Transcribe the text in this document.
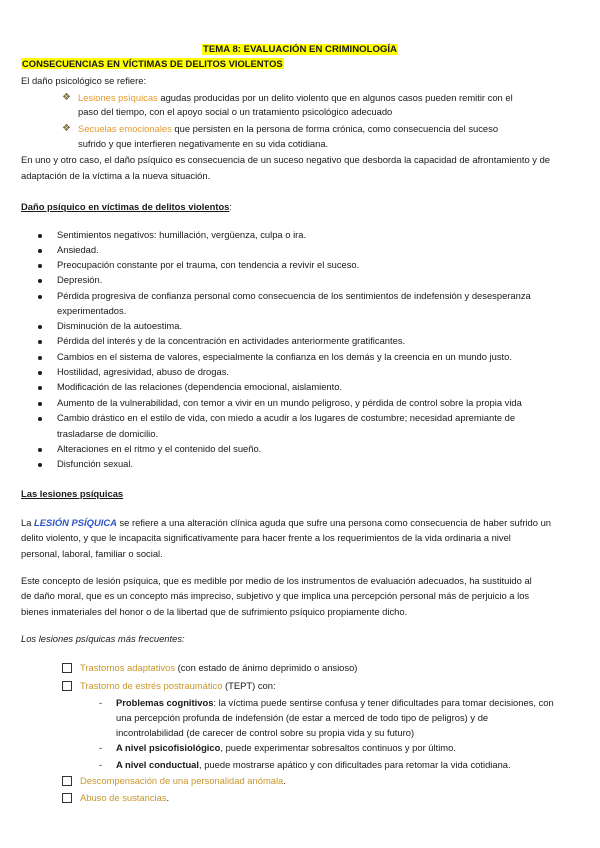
TEMA 8: EVALUACIÓN EN CRIMINOLOGÍA
CONSECUENCIAS EN VÍCTIMAS DE DELITOS VIOLENTOS
El daño psicológico se refiere:
❖ Lesiones psíquicas agudas producidas por un delito violento que en algunos casos pueden remitir con el
paso del tiempo, con el apoyo social o un tratamiento psicológico adecuado
❖ Secuelas emocionales que persisten en la persona de forma crónica, como consecuencia del suceso
sufrido y que interfieren negativamente en su vida cotidiana.
En uno y otro caso, el daño psíquico es consecuencia de un suceso negativo que desborda la capacidad de afrontamiento y de
adaptación de la víctima a la nueva situación.
Daño psíquico en víctimas de delitos violentos:
Sentimientos negativos: humillación, vergüenza, culpa o ira.
Ansiedad.
Preocupación constante por el trauma, con tendencia a revivir el suceso.
Depresión.
Pérdida progresiva de confianza personal como consecuencia de los sentimientos de indefensión y desesperanza
experimentados.
Disminución de la autoestima.
Pérdida del interés y de la concentración en actividades anteriormente gratificantes.
Cambios en el sistema de valores, especialmente la confianza en los demás y la creencia en un mundo justo.
Hostilidad, agresividad, abuso de drogas.
Modificación de las relaciones (dependencia emocional, aislamiento.
Aumento de la vulnerabilidad, con temor a vivir en un mundo peligroso, y pérdida de control sobre la propia vida
Cambio drástico en el estilo de vida, con miedo a acudir a los lugares de costumbre; necesidad apremiante de
trasladarse de domicilio.
Alteraciones en el ritmo y el contenido del sueño.
Disfunción sexual.
Las lesiones psíquicas
La LESIÓN PSÍQUICA se refiere a una alteración clínica aguda que sufre una persona como consecuencia de haber sufrido un
delito violento, y que le incapacita significativamente para hacer frente a los requerimientos de la vida ordinaria a nivel
personal, laboral, familiar o social.
Este concepto de lesión psíquica, que es medible por medio de los instrumentos de evaluación adecuados, ha sustituido al
de daño moral, que es un concepto más impreciso, subjetivo y que implica una percepción personal más de perjuicio a los
bienes inmateriales del honor o de la libertad que de sufrimiento psíquico propiamente dicho.
Los lesiones psíquicas más frecuentes:
Trastornos adaptativos (con estado de ánimo deprimido o ansioso)
Trastorno de estrés postraumático (TEPT) con:
- Problemas cognitivos: la víctima puede sentirse confusa y tener dificultades para tomar decisiones, con
una percepción profunda de indefensión (de estar a merced de todo tipo de peligros) y de
incontrolabilidad (de carecer de control sobre su propia vida y su futuro)
- A nivel psicofisiológico, puede experimentar sobresaltos continuos y por último.
- A nivel conductual, puede mostrarse apático y con dificultades para retomar la vida cotidiana.
Descompensación de una personalidad anómala.
Abuso de sustancias.
